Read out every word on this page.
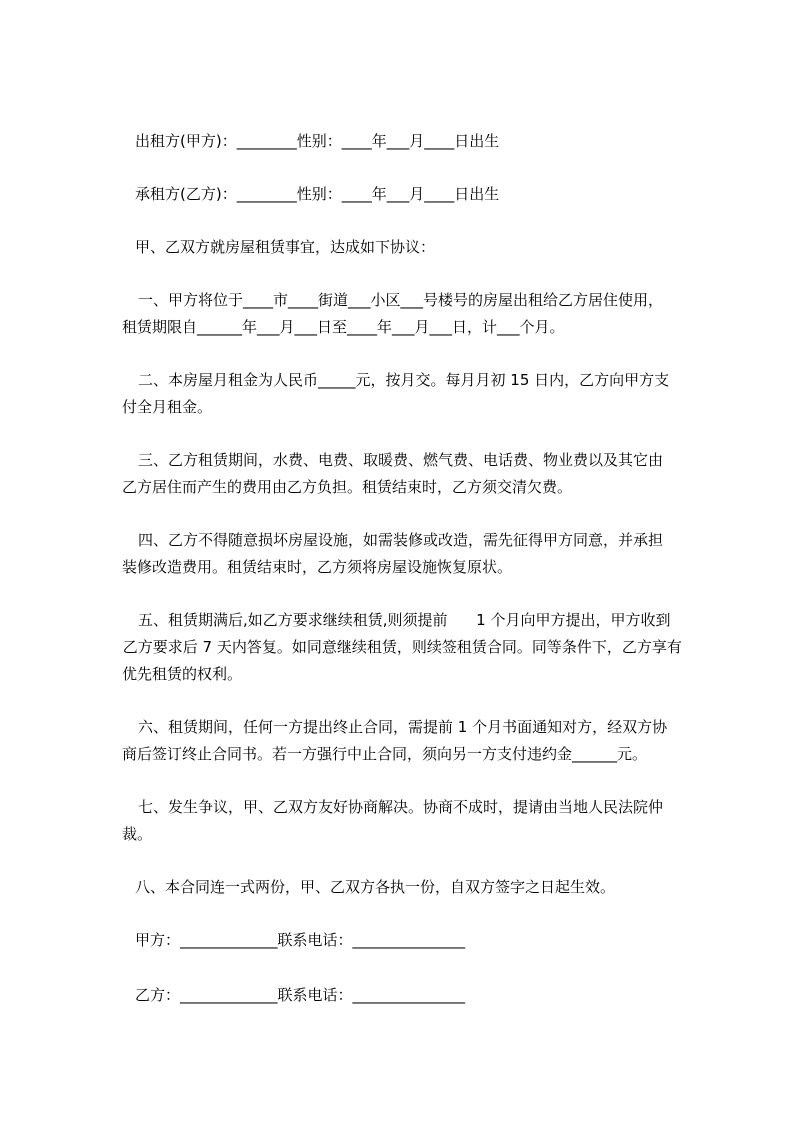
出租方(甲方)：________性别：____年___月____日出生
承租方(乙方)：________性别：____年___月____日出生
甲、乙双方就房屋租赁事宜，达成如下协议：
一、甲方将位于____市____街道___小区___号楼号的房屋出租给乙方居住使用，
租赁期限自______年___月___日至____年___月___日，计___个月。
二、本房屋月租金为人民币_____元，按月交。每月月初 15 日内，乙方向甲方支
付全月租金。
三、乙方租赁期间，水费、电费、取暖费、燃气费、电话费、物业费以及其它由
乙方居住而产生的费用由乙方负担。租赁结束时，乙方须交清欠费。
四、乙方不得随意损坏房屋设施，如需装修或改造，需先征得甲方同意，并承担
装修改造费用。租赁结束时，乙方须将房屋设施恢复原状。
五、租赁期满后,如乙方要求继续租赁,则须提前      1 个月向甲方提出，甲方收到
乙方要求后 7 天内答复。如同意继续租赁，则续签租赁合同。同等条件下，乙方享有
优先租赁的权利。
六、租赁期间，任何一方提出终止合同，需提前 1 个月书面通知对方，经双方协
商后签订终止合同书。若一方强行中止合同，须向另一方支付违约金______元。
七、发生争议，甲、乙双方友好协商解决。协商不成时，提请由当地人民法院仲
裁。
八、本合同连一式两份，甲、乙双方各执一份，自双方签字之日起生效。
甲方：_____________联系电话：_______________
乙方：_____________联系电话：_______________
